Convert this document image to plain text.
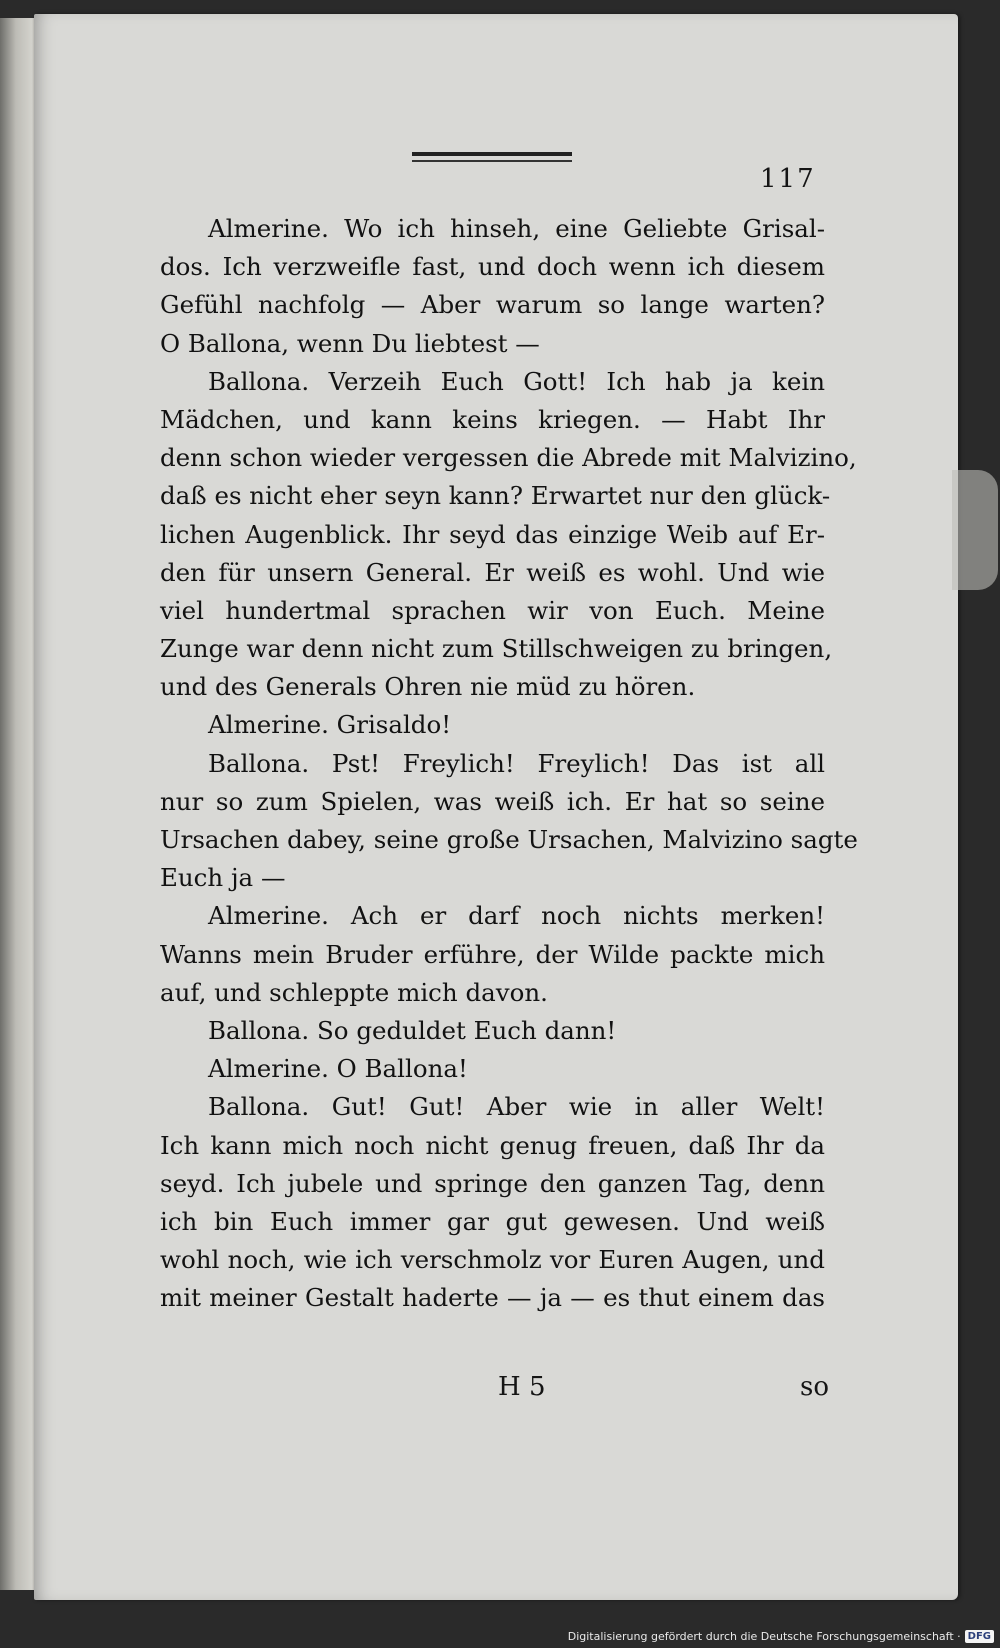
117
Almerine. Wo ich hinseh, eine Geliebte Grisal-
dos. Ich verzweifle fast, und doch wenn ich diesem
Gefühl nachfolg — Aber warum so lange warten?
O Ballona, wenn Du liebtest —
Ballona. Verzeih Euch Gott! Ich hab ja kein
Mädchen, und kann keins kriegen. — Habt Ihr
denn schon wieder vergessen die Abrede mit Malvizino,
daß es nicht eher seyn kann? Erwartet nur den glück-
lichen Augenblick. Ihr seyd das einzige Weib auf Er-
den für unsern General. Er weiß es wohl. Und wie
viel hundertmal sprachen wir von Euch. Meine
Zunge war denn nicht zum Stillschweigen zu bringen,
und des Generals Ohren nie müd zu hören.
Almerine. Grisaldo!
Ballona. Pst! Freylich! Freylich! Das ist all
nur so zum Spielen, was weiß ich. Er hat so seine
Ursachen dabey, seine große Ursachen, Malvizino sagte
Euch ja —
Almerine. Ach er darf noch nichts merken!
Wanns mein Bruder erführe, der Wilde packte mich
auf, und schleppte mich davon.
Ballona. So geduldet Euch dann!
Almerine. O Ballona!
Ballona. Gut! Gut! Aber wie in aller Welt!
Ich kann mich noch nicht genug freuen, daß Ihr da
seyd. Ich jubele und springe den ganzen Tag, denn
ich bin Euch immer gar gut gewesen. Und weiß
wohl noch, wie ich verschmolz vor Euren Augen, und
mit meiner Gestalt haderte — ja — es thut einem das
H 5	so
Digitalisierung gefördert durch die Deutsche Forschungsgemeinschaft · DFG
